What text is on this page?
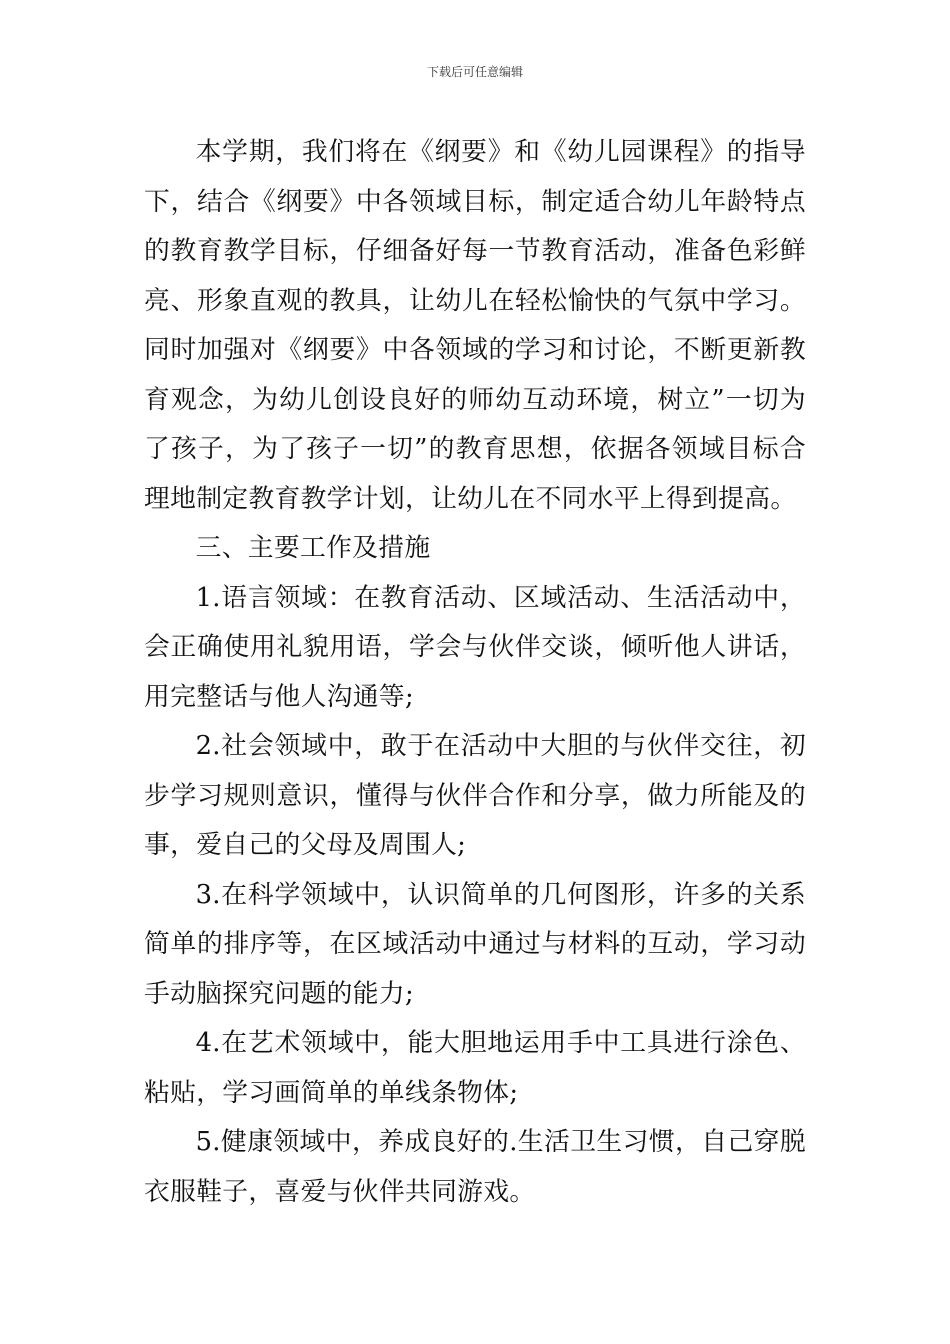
下载后可任意编辑

本学期，我们将在《纲要》和《幼儿园课程》的指导下，结合《纲要》中各领域目标，制定适合幼儿年龄特点的教育教学目标，仔细备好每一节教育活动，准备色彩鲜亮、形象直观的教具，让幼儿在轻松愉快的气氛中学习。同时加强对《纲要》中各领域的学习和讨论，不断更新教育观念，为幼儿创设良好的师幼互动环境，树立”一切为了孩子，为了孩子一切”的教育思想，依据各领域目标合理地制定教育教学计划，让幼儿在不同水平上得到提高。

三、主要工作及措施

1.语言领域：在教育活动、区域活动、生活活动中，会正确使用礼貌用语，学会与伙伴交谈，倾听他人讲话，用完整话与他人沟通等;

2.社会领域中，敢于在活动中大胆的与伙伴交往，初步学习规则意识，懂得与伙伴合作和分享，做力所能及的事，爱自己的父母及周围人;

3.在科学领域中，认识简单的几何图形，许多的关系简单的排序等，在区域活动中通过与材料的互动，学习动手动脑探究问题的能力;

4.在艺术领域中，能大胆地运用手中工具进行涂色、粘贴，学习画简单的单线条物体;

5.健康领域中，养成良好的.生活卫生习惯，自己穿脱衣服鞋子，喜爱与伙伴共同游戏。
